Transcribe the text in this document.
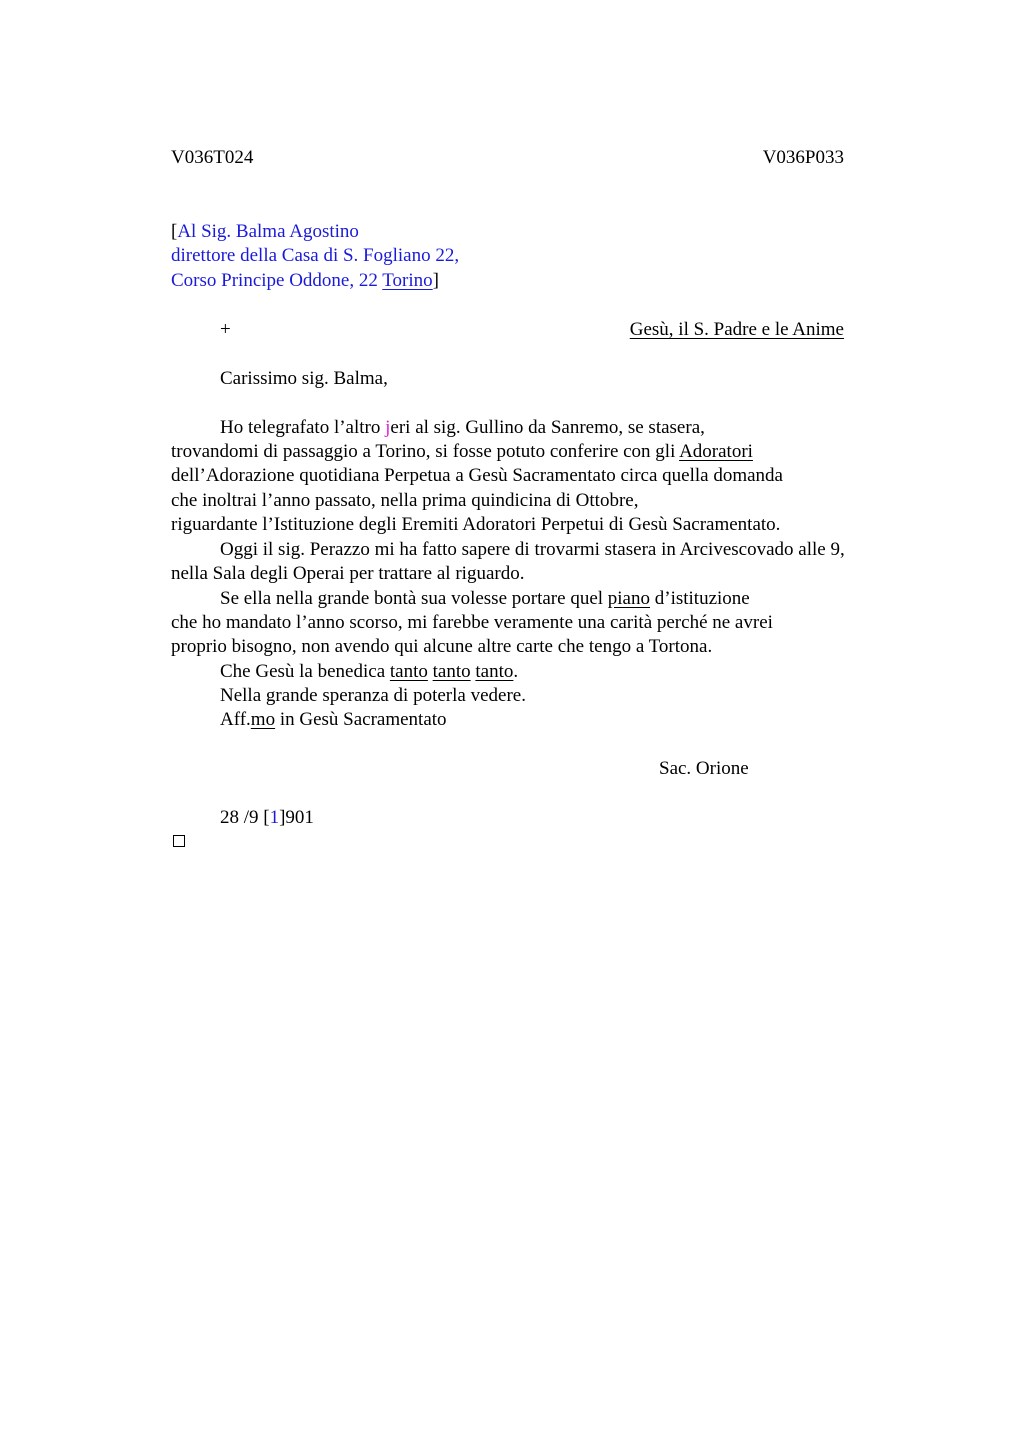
V036T024	V036P033
[Al Sig. Balma Agostino
direttore della Casa di S. Fogliano 22,
Corso Principe Oddone, 22 Torino]
+	Gesù, il S. Padre e le Anime
Carissimo sig. Balma,
Ho telegrafato l’altro jeri al sig. Gullino da Sanremo, se stasera,
trovandomi di passaggio a Torino, si fosse potuto conferire con gli Adoratori
dell’Adorazione quotidiana Perpetua a Gesù Sacramentato circa quella domanda
che inoltrai l’anno passato, nella prima quindicina di Ottobre,
riguardante l’Istituzione degli Eremiti Adoratori Perpetui di Gesù Sacramentato.
Oggi il sig. Perazzo mi ha fatto sapere di trovarmi stasera in Arcivescovado alle 9,
nella Sala degli Operai per trattare al riguardo.
Se ella nella grande bontà sua volesse portare quel piano d’istituzione
che ho mandato l’anno scorso, mi farebbe veramente una carità perché ne avrei
proprio bisogno, non avendo qui alcune altre carte che tengo a Tortona.
Che Gesù la benedica tanto tanto tanto.
Nella grande speranza di poterla vedere.
Aff.mo in Gesù Sacramentato
Sac. Orione
28 /9 [1]901
